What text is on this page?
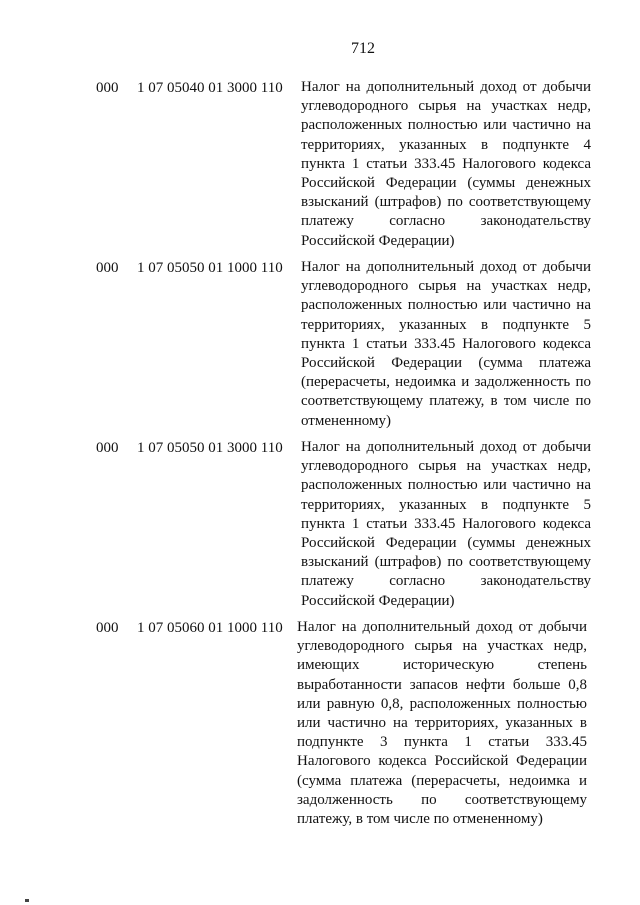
712
000 1 07 05040 01 3000 110 Налог на дополнительный доход от добычи углеводородного сырья на участках недр, расположенных полностью или частично на территориях, указанных в подпункте 4 пункта 1 статьи 333.45 Налогового кодекса Российской Федерации (суммы денежных взысканий (штрафов) по соответствующему платежу согласно законодательству Российской Федерации)
000 1 07 05050 01 1000 110 Налог на дополнительный доход от добычи углеводородного сырья на участках недр, расположенных полностью или частично на территориях, указанных в подпункте 5 пункта 1 статьи 333.45 Налогового кодекса Российской Федерации (сумма платежа (перерасчеты, недоимка и задолженность по соответствующему платежу, в том числе по отмененному)
000 1 07 05050 01 3000 110 Налог на дополнительный доход от добычи углеводородного сырья на участках недр, расположенных полностью или частично на территориях, указанных в подпункте 5 пункта 1 статьи 333.45 Налогового кодекса Российской Федерации (суммы денежных взысканий (штрафов) по соответствующему платежу согласно законодательству Российской Федерации)
000 1 07 05060 01 1000 110 Налог на дополнительный доход от добычи углеводородного сырья на участках недр, имеющих историческую степень выработанности запасов нефти больше 0,8 или равную 0,8, расположенных полностью или частично на территориях, указанных в подпункте 3 пункта 1 статьи 333.45 Налогового кодекса Российской Федерации (сумма платежа (перерасчеты, недоимка и задолженность по соответствующему платежу, в том числе по отмененному)
